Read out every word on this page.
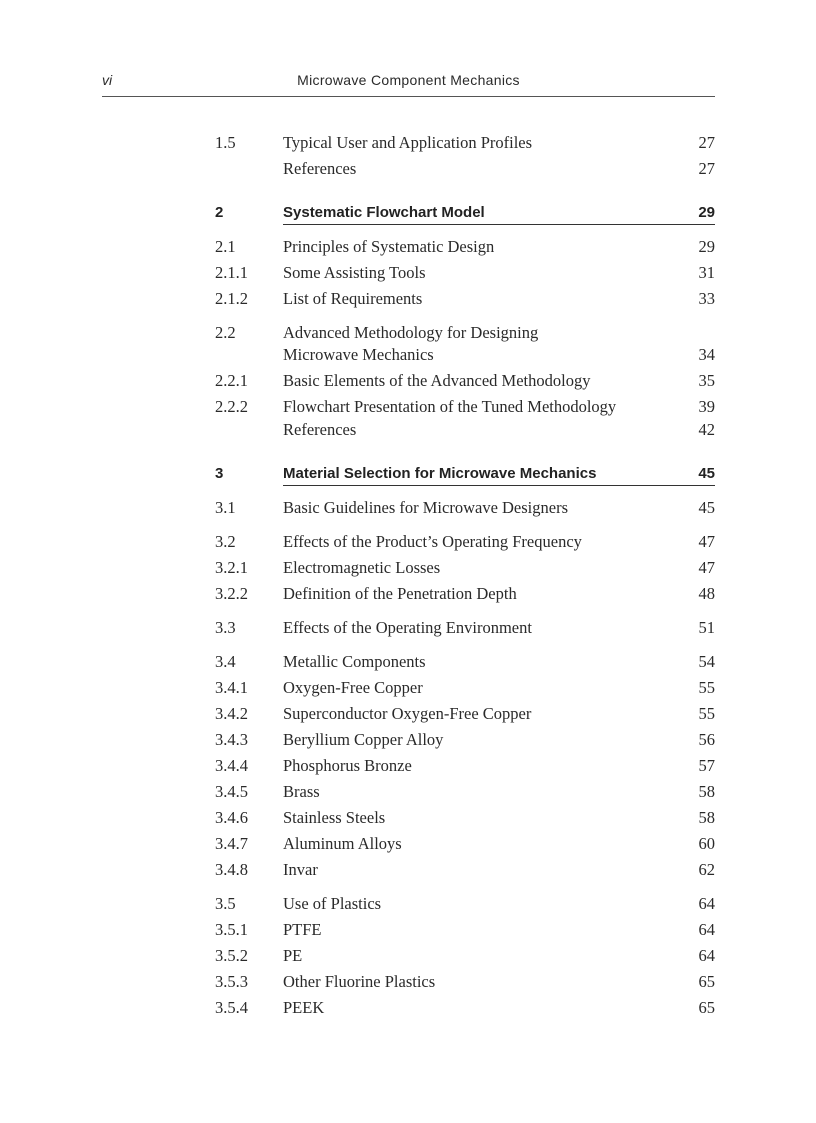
vi	Microwave Component Mechanics
1.5	Typical User and Application Profiles	27
References	27
2	Systematic Flowchart Model	29
2.1	Principles of Systematic Design	29
2.1.1	Some Assisting Tools	31
2.1.2	List of Requirements	33
2.2	Advanced Methodology for Designing
Microwave Mechanics	34
2.2.1	Basic Elements of the Advanced Methodology	35
2.2.2	Flowchart Presentation of the Tuned Methodology	39
References	42
3	Material Selection for Microwave Mechanics	45
3.1	Basic Guidelines for Microwave Designers	45
3.2	Effects of the Product’s Operating Frequency	47
3.2.1	Electromagnetic Losses	47
3.2.2	Definition of the Penetration Depth	48
3.3	Effects of the Operating Environment	51
3.4	Metallic Components	54
3.4.1	Oxygen-Free Copper	55
3.4.2	Superconductor Oxygen-Free Copper	55
3.4.3	Beryllium Copper Alloy	56
3.4.4	Phosphorus Bronze	57
3.4.5	Brass	58
3.4.6	Stainless Steels	58
3.4.7	Aluminum Alloys	60
3.4.8	Invar	62
3.5	Use of Plastics	64
3.5.1	PTFE	64
3.5.2	PE	64
3.5.3	Other Fluorine Plastics	65
3.5.4	PEEK	65
